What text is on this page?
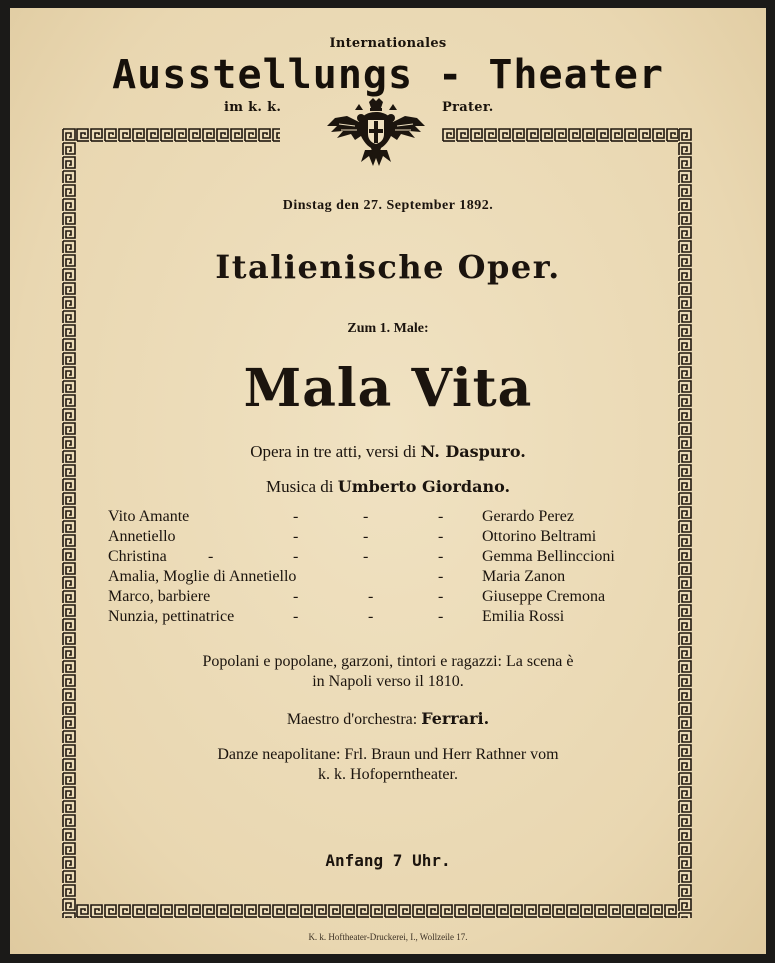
Internationales
Ausstellungs - Theater
im k. k.	Prater.
Dinstag den 27. September 1892.
Italienische Oper.
Zum 1. Male:
Mala Vita
Opera in tre atti, versi di N. Daspuro.
Musica di Umberto Giordano.
Vito Amante	-	-	- Gerardo Perez
Annetiello	-	-	- Ottorino Beltrami
Christina	-	-	-	- Gemma Bellinccioni
Amalia, Moglie di Annetiello	- Maria Zanon
Marco, barbiere	-	-	- Giuseppe Cremona
Nunzia, pettinatrice	-	-	- Emilia Rossi
Popolani e popolane, garzoni, tintori e ragazzi: La scena è
in Napoli verso il 1810.
Maestro d'orchestra: Ferrari.
Danze neapolitane: Frl. Braun und Herr Rathner vom
k. k. Hofoperntheater.
Anfang 7 Uhr.
K. k. Hoftheater-Druckerei, I., Wollzeile 17.
